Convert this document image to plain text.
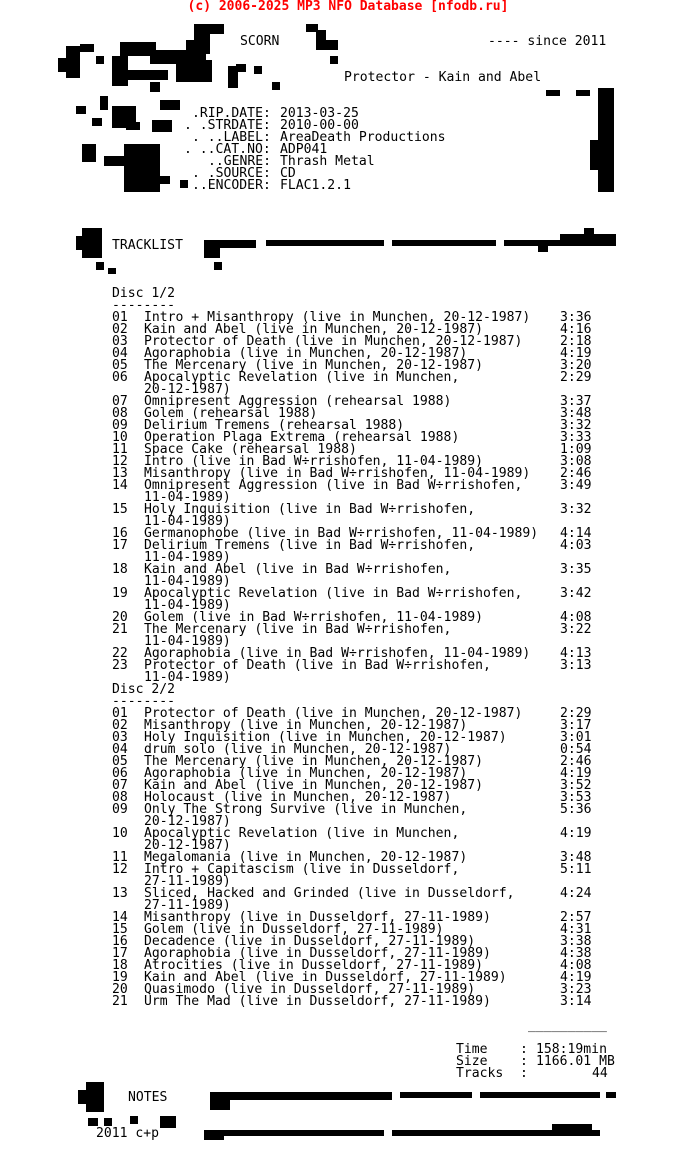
(c) 2006-2025 MP3 NFO Database [nfodb.ru]
SCORN	---- since 2011
Protector - Kain and Abel
.RIP.DATE: 2013-03-25
. .STRDATE: 2010-00-00
. ..LABEL: AreaDeath Productions
. ..CAT.NO: ADP041
..GENRE: Thrash Metal
. .SOURCE: CD
..ENCODER: FLAC1.2.1
TRACKLIST
Disc 1/2
--------
01 Intro + Misanthropy (live in Munchen, 20-12-1987) 3:36
02 Kain and Abel (live in Munchen, 20-12-1987)	4:16
03 Protector of Death (live in Munchen, 20-12-1987)	2:18
04 Agoraphobia (live in Munchen, 20-12-1987)	4:19
05 The Mercenary (live in Munchen, 20-12-1987)	3:20
06 Apocalyptic Revelation (live in Munchen,	2:29
20-12-1987)
07 Omnipresent Aggression (rehearsal 1988)	3:37
08 Golem (rehearsal 1988)	3:48
09 Delirium Tremens (rehearsal 1988)	3:32
10 Operation Plaga Extrema (rehearsal 1988)	3:33
11 Space Cake (rehearsal 1988)	1:09
12 Intro (live in Bad W÷rrishofen, 11-04-1989)	3:08
13 Misanthropy (live in Bad W÷rrishofen, 11-04-1989) 2:46
14 Omnipresent Aggression (live in Bad W÷rrishofen,	3:49
11-04-1989)
15 Holy Inquisition (live in Bad W÷rrishofen,	3:32
11-04-1989)
16 Germanophobe (live in Bad W÷rrishofen, 11-04-1989) 4:14
17 Delirium Tremens (live in Bad W÷rrishofen,	4:03
11-04-1989)
18 Kain and Abel (live in Bad W÷rrishofen,	3:35
11-04-1989)
19 Apocalyptic Revelation (live in Bad W÷rrishofen,	3:42
11-04-1989)
20 Golem (live in Bad W÷rrishofen, 11-04-1989)	4:08
21 The Mercenary (live in Bad W÷rrishofen,	3:22
11-04-1989)
22 Agoraphobia (live in Bad W÷rrishofen, 11-04-1989) 4:13
23 Protector of Death (live in Bad W÷rrishofen,	3:13
11-04-1989)
Disc 2/2
--------
01 Protector of Death (live in Munchen, 20-12-1987)	2:29
02 Misanthropy (live in Munchen, 20-12-1987)	3:17
03 Holy Inquisition (live in Munchen, 20-12-1987)	3:01
04 drum solo (live in Munchen, 20-12-1987)	0:54
05 The Mercenary (live in Munchen, 20-12-1987)	2:46
06 Agoraphobia (live in Munchen, 20-12-1987)	4:19
07 Kain and Abel (live in Munchen, 20-12-1987)	3:52
08 Holocaust (live in Munchen, 20-12-1987)	3:53
09 Only The Strong Survive (live in Munchen,	5:36
20-12-1987)
10 Apocalyptic Revelation (live in Munchen,	4:19
20-12-1987)
11 Megalomania (live in Munchen, 20-12-1987)	3:48
12 Intro + Capitascism (live in Dusseldorf,	5:11
27-11-1989)
13 Sliced, Hacked and Grinded (live in Dusseldorf,	4:24
27-11-1989)
14 Misanthropy (live in Dusseldorf, 27-11-1989)	2:57
15 Golem (live in Dusseldorf, 27-11-1989)	4:31
16 Decadence (live in Dusseldorf, 27-11-1989)	3:38
17 Agoraphobia (live in Dusseldorf, 27-11-1989)	4:38
18 Atrocities (live in Dusseldorf, 27-11-1989)	4:08
19 Kain and Abel (live in Dusseldorf, 27-11-1989)	4:19
20 Quasimodo (live in Dusseldorf, 27-11-1989)	3:23
21 Urm The Mad (live in Dusseldorf, 27-11-1989)	3:14
__________
Time : 158:19min
Size : 1166.01 MB
Tracks :	44
NOTES
2011 c+p
